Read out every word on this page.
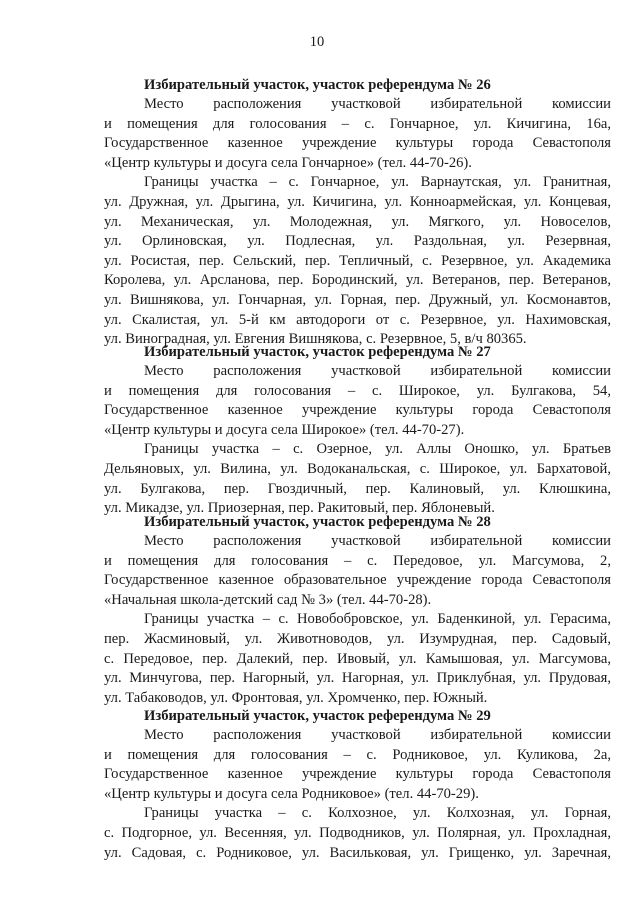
10
Избирательный участок, участок референдума № 26
Место расположения участковой избирательной комиссии
и помещения для голосования – с. Гончарное, ул. Кичигина, 16а,
Государственное казенное учреждение культуры города Севастополя
«Центр культуры и досуга села Гончарное» (тел. 44-70-26).
Границы участка – с. Гончарное, ул. Варнаутская, ул. Гранитная,
ул. Дружная, ул. Дрыгина, ул. Кичигина, ул. Конноармейская, ул. Концевая,
ул. Механическая, ул. Молодежная, ул. Мягкого, ул. Новоселов,
ул. Орлиновская, ул. Подлесная, ул. Раздольная, ул. Резервная,
ул. Росистая, пер. Сельский, пер. Тепличный, с. Резервное, ул. Академика
Королева, ул. Арсланова, пер. Бородинский, ул. Ветеранов, пер. Ветеранов,
ул. Вишнякова, ул. Гончарная, ул. Горная, пер. Дружный, ул. Космонавтов,
ул. Скалистая, ул. 5-й км автодороги от с. Резервное, ул. Нахимовская,
ул. Виноградная, ул. Евгения Вишнякова, с. Резервное, 5, в/ч 80365.
Избирательный участок, участок референдума № 27
Место расположения участковой избирательной комиссии
и помещения для голосования – с. Широкое, ул. Булгакова, 54,
Государственное казенное учреждение культуры города Севастополя
«Центр культуры и досуга села Широкое» (тел. 44-70-27).
Границы участка – с. Озерное, ул. Аллы Оношко, ул. Братьев
Дельяновых, ул. Вилина, ул. Водоканальская, с. Широкое, ул. Бархатовой,
ул. Булгакова, пер. Гвоздичный, пер. Калиновый, ул. Клюшкина,
ул. Микадзе, ул. Приозерная, пер. Ракитовый, пер. Яблоневый.
Избирательный участок, участок референдума № 28
Место расположения участковой избирательной комиссии
и помещения для голосования – с. Передовое, ул. Магсумова, 2,
Государственное казенное образовательное учреждение города Севастополя
«Начальная школа-детский сад № 3» (тел. 44-70-28).
Границы участка – с. Новобобровское, ул. Баденкиной, ул. Герасима,
пер. Жасминовый, ул. Животноводов, ул. Изумрудная, пер. Садовый,
с. Передовое, пер. Далекий, пер. Ивовый, ул. Камышовая, ул. Магсумова,
ул. Минчугова, пер. Нагорный, ул. Нагорная, ул. Приклубная, ул. Прудовая,
ул. Табаководов, ул. Фронтовая, ул. Хромченко, пер. Южный.
Избирательный участок, участок референдума № 29
Место расположения участковой избирательной комиссии
и помещения для голосования – с. Родниковое, ул. Куликова, 2а,
Государственное казенное учреждение культуры города Севастополя
«Центр культуры и досуга села Родниковое» (тел. 44-70-29).
Границы участка – с. Колхозное, ул. Колхозная, ул. Горная,
с. Подгорное, ул. Весенняя, ул. Подводников, ул. Полярная, ул. Прохладная,
ул. Садовая, с. Родниковое, ул. Васильковая, ул. Грищенко, ул. Заречная,
